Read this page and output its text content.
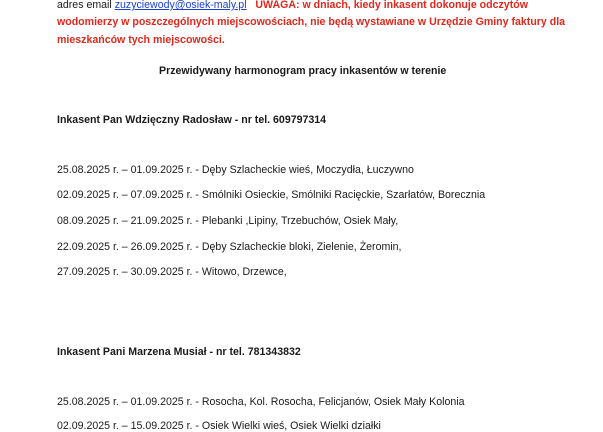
adres email zuzyciewody@osiek-maly.pl UWAGA: w dniach, kiedy inkasent dokonuje odczytów
wodomierzy w poszczególnych miejscowościach, nie będą wystawiane w Urzędzie Gminy faktury dla
mieszkańców tych miejscowości.
Przewidywany harmonogram pracy inkasentów w terenie
Inkasent Pan Wdzięczny Radosław - nr tel. 609797314
25.08.2025 r. – 01.09.2025 r. - Dęby Szlacheckie wieś, Moczydła, Łuczywno
02.09.2025 r. – 07.09.2025 r. - Smólniki Osieckie, Smólniki Racięckie, Szarłatów, Borecznia
08.09.2025 r. – 21.09.2025 r. - Plebanki ,Lipiny, Trzebuchów, Osiek Mały,
22.09.2025 r. – 26.09.2025 r. - Dęby Szlacheckie bloki, Zielenie, Żeromin,
27.09.2025 r. – 30.09.2025 r. - Witowo, Drzewce,
Inkasent Pani Marzena Musiał - nr tel. 781343832
25.08.2025 r. – 01.09.2025 r. - Rosocha, Kol. Rosocha, Felicjanów, Osiek Mały Kolonia
02.09.2025 r. – 15.09.2025 r. - Osiek Wielki wieś, Osiek Wielki działki
